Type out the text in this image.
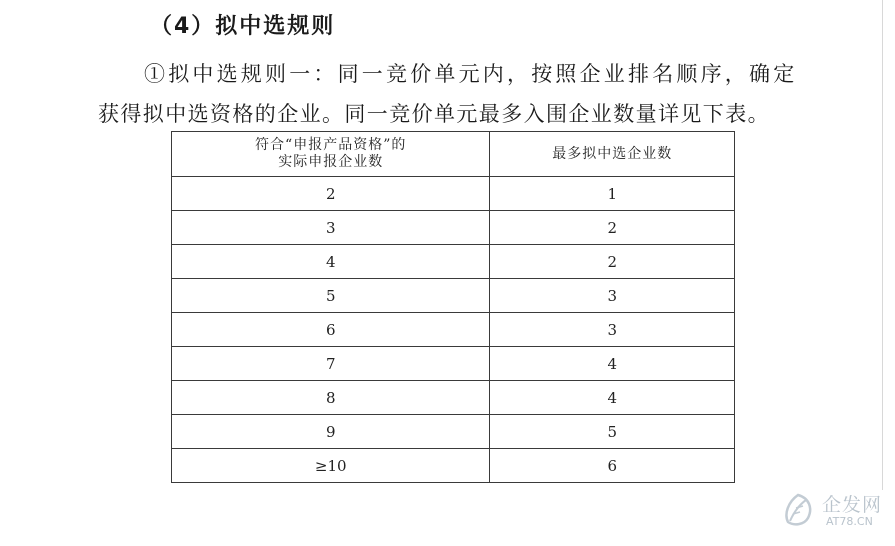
（4）拟中选规则
①拟中选规则一：同一竞价单元内，按照企业排名顺序，确定
获得拟中选资格的企业。同一竞价单元最多入围企业数量详见下表。
符合“申报产品资格”的
实际申报企业数	最多拟中选企业数
2	1
3	2
4	2
5	3
6	3
7	4
8	4
9	5
≥10	6
企发网
AT78.CN
